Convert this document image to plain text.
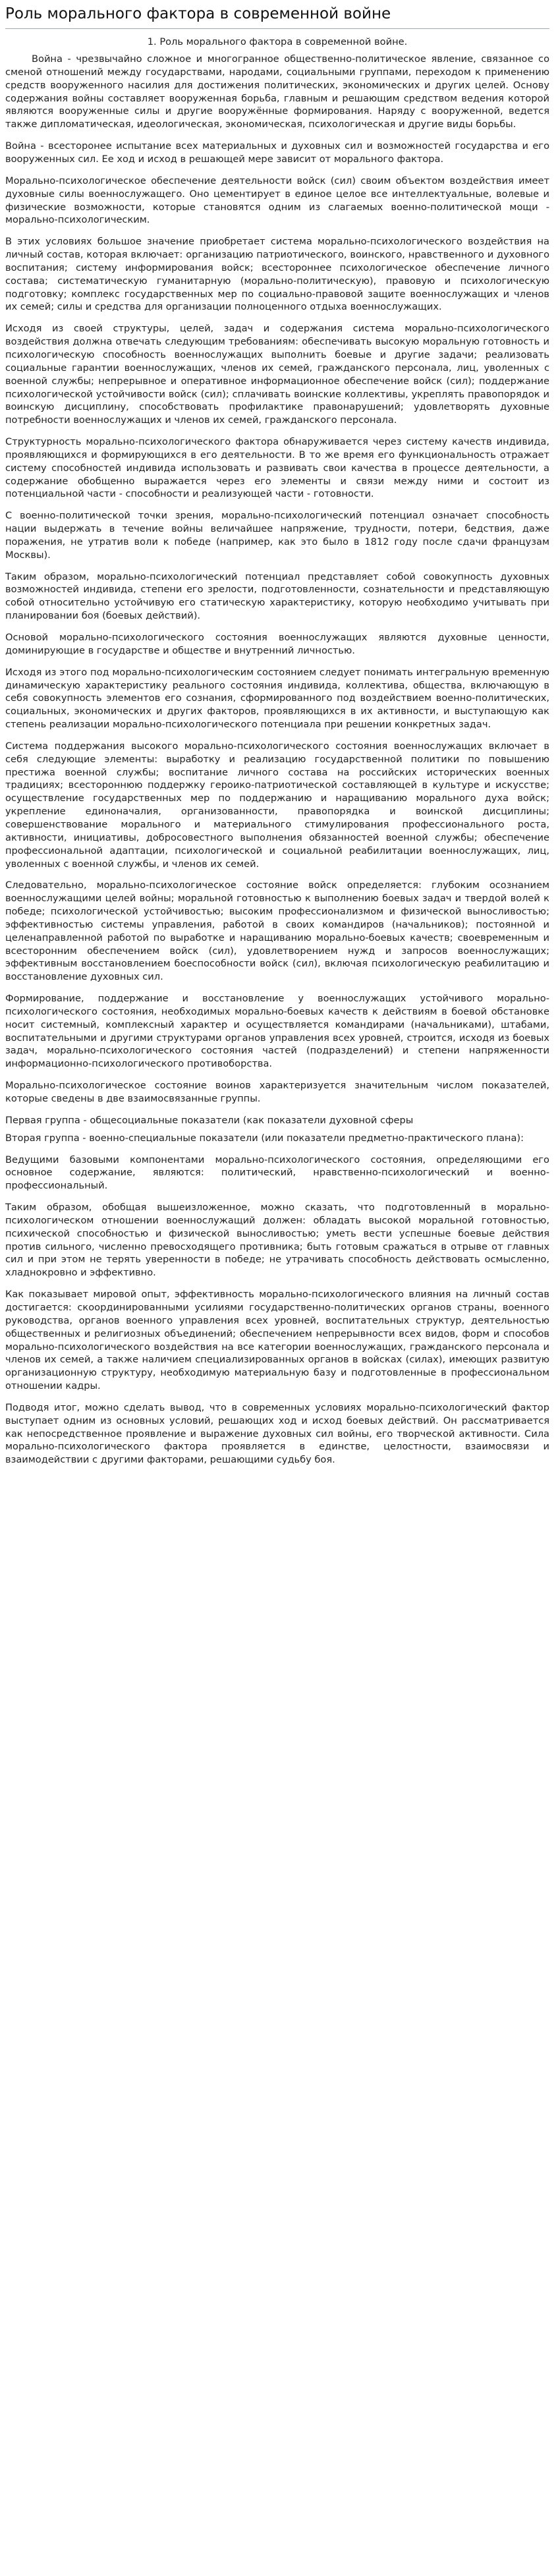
Роль морального фактора в современной войне
1. Роль морального фактора в современной войне.

Война - чрезвычайно сложное и многогранное общественно-политическое явление, связанное со сменой отношений между государствами, народами, социальными группами, переходом к применению средств вооруженного насилия для достижения политических, экономических и других целей. Основу содержания войны составляет вооруженная борьба, главным и решающим средством ведения которой являются вооруженные силы и другие вооружённые формирования. Наряду с вооруженной, ведется также дипломатическая, идеологическая, экономическая, психологическая и другие виды борьбы.

Война - всесторонее испытание всех материальных и духовных сил и возможностей государства и его вооруженных сил. Ее ход и исход в решающей мере зависит от морального фактора.

Морально-психологическое обеспечение деятельности войск (сил) своим объектом воздействия имеет духовные силы военнослужащего. Оно цементирует в единое целое все интеллектуальные, волевые и физические возможности, которые становятся одним из слагаемых военно-политической мощи - морально-психологическим.

В этих условиях большое значение приобретает система морально-психологического воздействия на личный состав, которая включает: организацию патриотического, воинского, нравственного и духовного воспитания; систему информирования войск; всестороннее психологическое обеспечение личного состава; систематическую гуманитарную (морально-политическую), правовую и психологическую подготовку; комплекс государственных мер по социально-правовой защите военнослужащих и членов их семей; силы и средства для организации полноценного отдыха военнослужащих.

Исходя из своей структуры, целей, задач и содержания система морально-психологического воздействия должна отвечать следующим требованиям: обеспечивать высокую моральную готовность и психологическую способность военнослужащих выполнить боевые и другие задачи; реализовать социальные гарантии военнослужащих, членов их семей, гражданского персонала, лиц, уволенных с военной службы; непрерывное и оперативное информационное обеспечение войск (сил); поддержание психологической устойчивости войск (сил); сплачивать воинские коллективы, укреплять правопорядок и воинскую дисциплину, способствовать профилактике правонарушений; удовлетворять духовные потребности военнослужащих и членов их семей, гражданского персонала.

Структурность морально-психологического фактора обнаруживается через систему качеств индивида, проявляющихся и формирующихся в его деятельности. В то же время его функциональность отражает систему способностей индивида использовать и развивать свои качества в процессе деятельности, а содержание обобщенно выражается через его элементы и связи между ними и состоит из потенциальной части - способности и реализующей части - готовности.

С военно-политической точки зрения, морально-психологический потенциал означает способность нации выдержать в течение войны величайшее напряжение, трудности, потери, бедствия, даже поражения, не утратив воли к победе (например, как это было в 1812 году после сдачи французам Москвы).

Таким образом, морально-психологический потенциал представляет собой совокупность духовных возможностей индивида, степени его зрелости, подготовленности, сознательности и представляющую собой относительно устойчивую его статическую характеристику, которую необходимо учитывать при планировании боя (боевых действий).

Основой морально-психологического состояния военнослужащих являются духовные ценности, доминирующие в государстве и обществе и внутренний личностью.

Исходя из этого под морально-психологическим состоянием следует понимать интегральную временную динамическую характеристику реального состояния индивида, коллектива, общества, включающую в себя совокупность элементов его сознания, сформированного под воздействием военно-политических, социальных, экономических и других факторов, проявляющихся в их активности, и выступающую как степень реализации морально-психологического потенциала при решении конкретных задач.

Система поддержания высокого морально-психологического состояния военнослужащих включает в себя следующие элементы: выработку и реализацию государственной политики по повышению престижа военной службы; воспитание личного состава на российских исторических военных традициях; всестороннюю поддержку героико-патриотической составляющей в культуре и искусстве; осуществление государственных мер по поддержанию и наращиванию морального духа войск; укрепление единоначалия, организованности, правопорядка и воинской дисциплины; совершенствование морального и материального стимулирования профессионального роста, активности, инициативы, добросовестного выполнения обязанностей военной службы; обеспечение профессиональной адаптации, психологической и социальной реабилитации военнослужащих, лиц, уволенных с военной службы, и членов их семей.

Следовательно, морально-психологическое состояние войск определяется: глубоким осознанием военнослужащими целей войны; моральной готовностью к выполнению боевых задач и твердой волей к победе; психологической устойчивостью; высоким профессионализмом и физической выносливостью; эффективностью системы управления, работой в своих командиров (начальников); постоянной и целенаправленной работой по выработке и наращиванию морально-боевых качеств; своевременным и всесторонним обеспечением войск (сил), удовлетворением нужд и запросов военнослужащих; эффективным восстановлением боеспособности войск (сил), включая психологическую реабилитацию и восстановление духовных сил.

Формирование, поддержание и восстановление у военнослужащих устойчивого морально-психологического состояния, необходимых морально-боевых качеств к действиям в боевой обстановке носит системный, комплексный характер и осуществляется командирами (начальниками), штабами, воспитательными и другими структурами органов управления всех уровней, строится, исходя из боевых задач, морально-психологического состояния частей (подразделений) и степени напряженности информационно-психологического противоборства.

Морально-психологическое состояние воинов характеризуется значительным числом показателей, которые сведены в две взаимосвязанные группы.

Первая группа - общесоциальные показатели (как показатели духовной сферы

Вторая группа - военно-специальные показатели (или показатели предметно-практического плана):

Ведущими базовыми компонентами морально-психологического состояния, определяющими его основное содержание, являются: политический, нравственно-психологический и военно-профессиональный.

Таким образом, обобщая вышеизложенное, можно сказать, что подготовленный в морально-психологическом отношении военнослужащий должен: обладать высокой моральной готовностью, психической способностью и физической выносливостью; уметь вести успешные боевые действия против сильного, численно превосходящего противника; быть готовым сражаться в отрыве от главных сил и при этом не терять уверенности в победе; не утрачивать способность действовать осмысленно, хладнокровно и эффективно.

Как показывает мировой опыт, эффективность морально-психологического влияния на личный состав достигается: скоординированными усилиями государственно-политических органов страны, военного руководства, органов военного управления всех уровней, воспитательных структур, деятельностью общественных и религиозных объединений; обеспечением непрерывности всех видов, форм и способов морально-психологического воздействия на все категории военнослужащих, гражданского персонала и членов их семей, а также наличием специализированных органов в войсках (силах), имеющих развитую организационную структуру, необходимую материальную базу и подготовленные в профессиональном отношении кадры.

Подводя итог, можно сделать вывод, что в современных условиях морально-психологический фактор выступает одним из основных условий, решающих ход и исход боевых действий. Он рассматривается как непосредственное проявление и выражение духовных сил войны, его творческой активности. Сила морально-психологического фактора проявляется в единстве, целостности, взаимосвязи и взаимодействии с другими факторами, решающими судьбу боя.
